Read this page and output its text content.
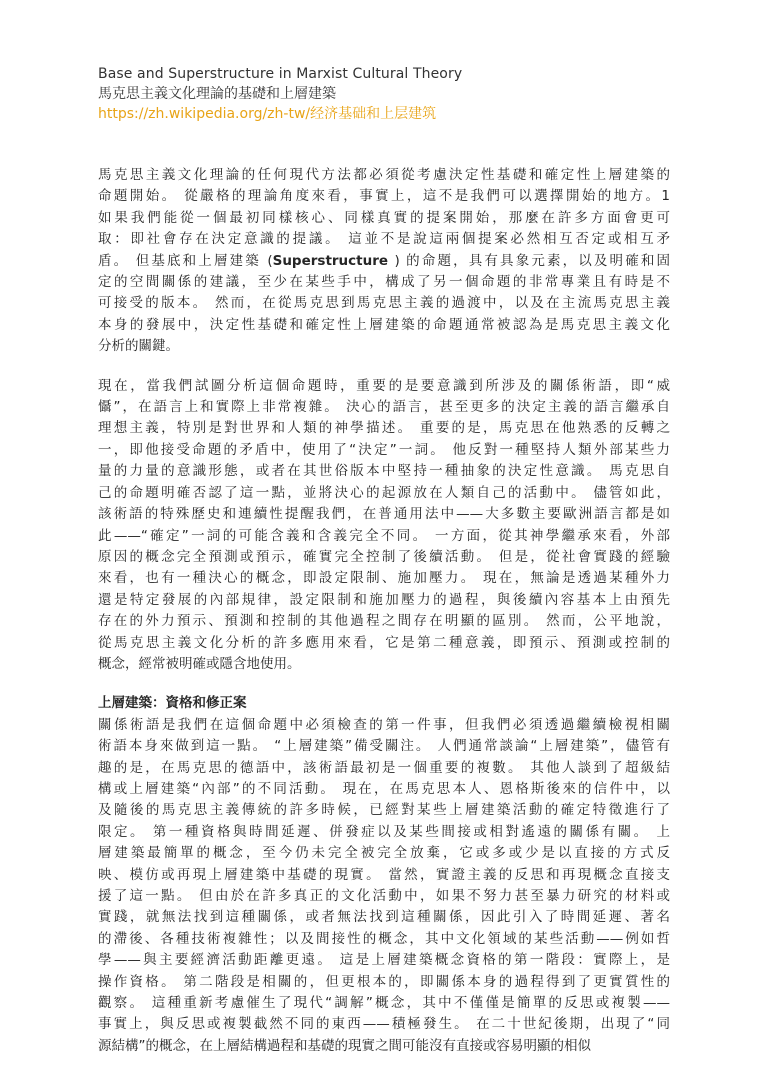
Base and Superstructure in Marxist Cultural Theory
馬克思主義文化理論的基礎和上層建築
https://zh.wikipedia.org/zh-tw/经济基础和上层建筑
馬克思主義文化理論的任何現代方法都必須從考慮決定性基礎和確定性上層建築的
命題開始。 從嚴格的理論角度來看，事實上，這不是我們可以選擇開始的地方。1
如果我們能從一個最初同樣核心、同樣真實的提案開始，那麼在許多方面會更可
取：即社會存在決定意識的提議。 這並不是說這兩個提案必然相互否定或相互矛
盾。 但基底和上層建築 (Superstructure ) 的命題，具有具象元素，以及明確和固
定的空間關係的建議，至少在某些手中，構成了另一個命題的非常專業且有時是不
可接受的版本。 然而，在從馬克思到馬克思主義的過渡中，以及在主流馬克思主義
本身的發展中，決定性基礎和確定性上層建築的命題通常被認為是馬克思主義文化
分析的關鍵。
現在，當我們試圖分析這個命題時，重要的是要意識到所涉及的關係術語，即“威
懾”，在語言上和實際上非常複雜。 決心的語言，甚至更多的決定主義的語言繼承自
理想主義，特別是對世界和人類的神學描述。 重要的是，馬克思在他熟悉的反轉之
一，即他接受命題的矛盾中，使用了“決定”一詞。 他反對一種堅持人類外部某些力
量的力量的意識形態，或者在其世俗版本中堅持一種抽象的決定性意識。 馬克思自
己的命題明確否認了這一點，並將決心的起源放在人類自己的活動中。 儘管如此，
該術語的特殊歷史和連續性提醒我們，在普通用法中——大多數主要歐洲語言都是如
此——“確定”一詞的可能含義和含義完全不同。 一方面，從其神學繼承來看，外部
原因的概念完全預測或預示，確實完全控制了後續活動。 但是，從社會實踐的經驗
來看，也有一種決心的概念，即設定限制、施加壓力。 現在，無論是透過某種外力
還是特定發展的內部規律，設定限制和施加壓力的過程，與後續內容基本上由預先
存在的外力預示、預測和控制的其他過程之間存在明顯的區別。 然而，公平地說，
從馬克思主義文化分析的許多應用來看，它是第二種意義，即預示、預測或控制的
概念，經常被明確或隱含地使用。
上層建築：資格和修正案
關係術語是我們在這個命題中必須檢查的第一件事，但我們必須透過繼續檢視相關
術語本身來做到這一點。 “上層建築”備受關注。 人們通常談論“上層建築”，儘管有
趣的是，在馬克思的德語中，該術語最初是一個重要的複數。 其他人談到了超級結
構或上層建築“內部”的不同活動。 現在，在馬克思本人、恩格斯後來的信件中，以
及隨後的馬克思主義傳統的許多時候，已經對某些上層建築活動的確定特徵進行了
限定。 第一種資格與時間延遲、併發症以及某些間接或相對遙遠的關係有關。 上
層建築最簡單的概念，至今仍未完全被完全放棄，它或多或少是以直接的方式反
映、模仿或再現上層建築中基礎的現實。 當然，實證主義的反思和再現概念直接支
援了這一點。 但由於在許多真正的文化活動中，如果不努力甚至暴力研究的材料或
實踐，就無法找到這種關係，或者無法找到這種關係，因此引入了時間延遲、著名
的滯後、各種技術複雜性；以及間接性的概念，其中文化領域的某些活動——例如哲
學——與主要經濟活動距離更遠。 這是上層建築概念資格的第一階段：實際上，是
操作資格。 第二階段是相關的，但更根本的，即關係本身的過程得到了更實質性的
觀察。 這種重新考慮催生了現代“調解”概念，其中不僅僅是簡單的反思或複製——
事實上，與反思或複製截然不同的東西——積極發生。 在二十世紀後期，出現了“同
源結構”的概念，在上層結構過程和基礎的現實之間可能沒有直接或容易明顯的相似
